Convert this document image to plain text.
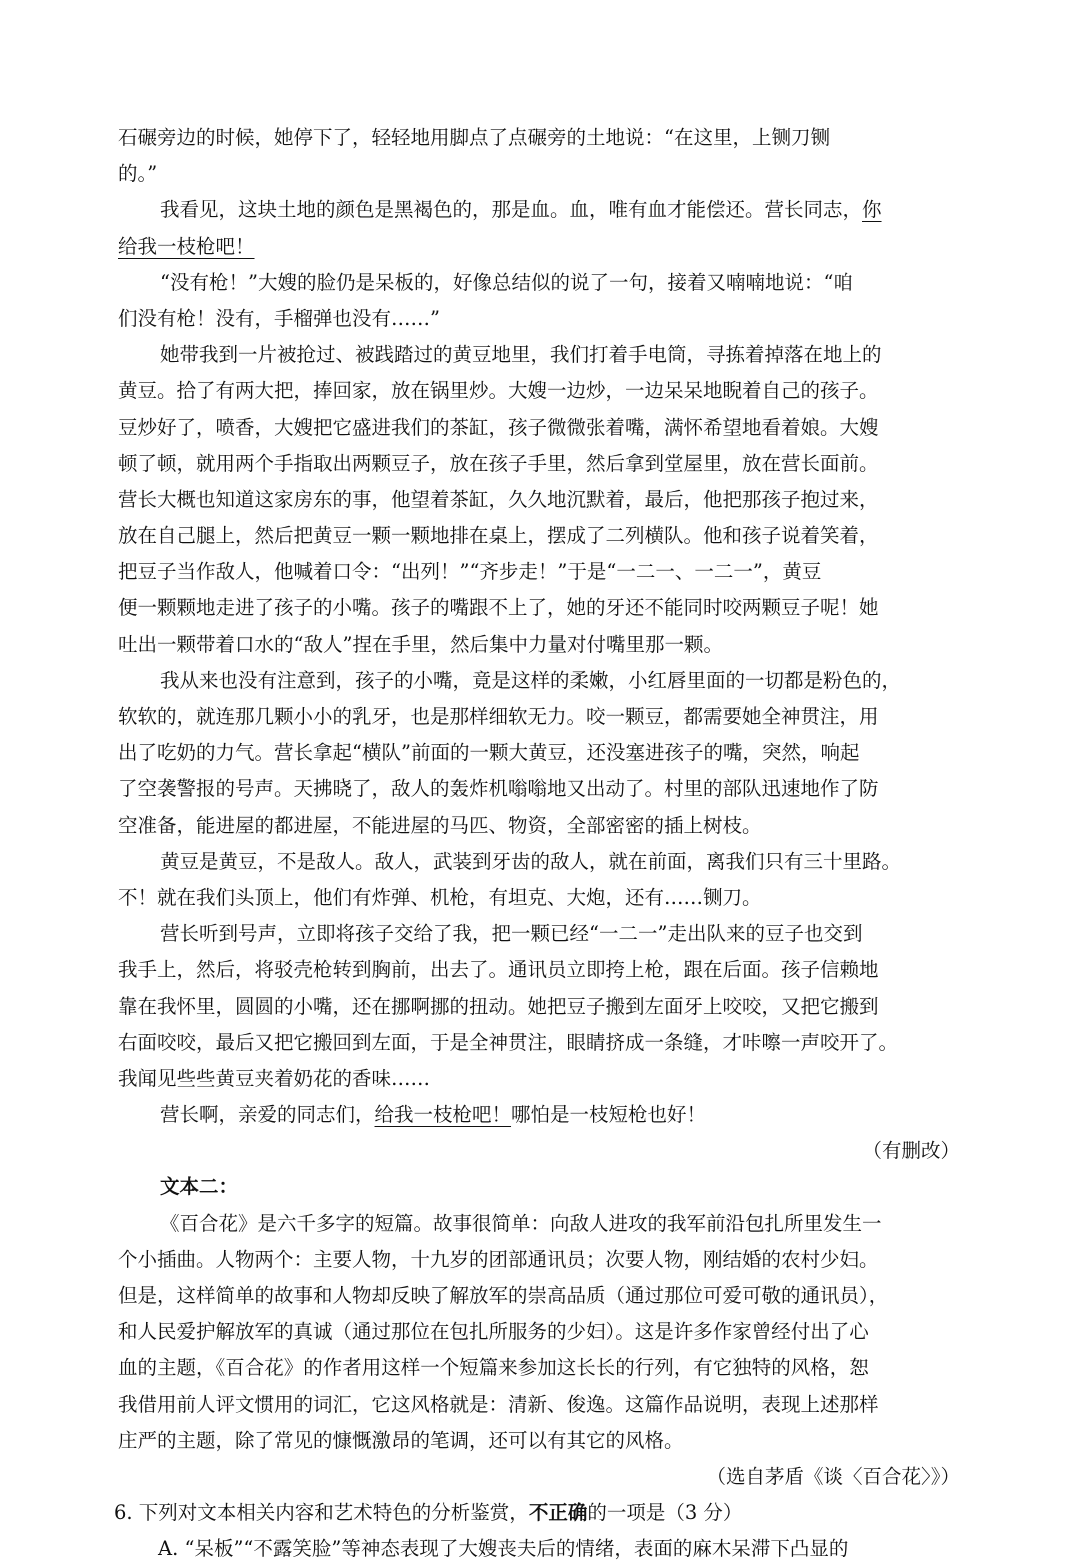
石碾旁边的时候，她停下了，轻轻地用脚点了点碾旁的土地说：“在这里，上铡刀铡
的。”
我看见，这块土地的颜色是黑褐色的，那是血。血，唯有血才能偿还。营长同志，你
给我一枝枪吧！
“没有枪！”大嫂的脸仍是呆板的，好像总结似的说了一句，接着又喃喃地说：“咱
们没有枪！没有，手榴弹也没有……”
她带我到一片被抢过、被践踏过的黄豆地里，我们打着手电筒，寻拣着掉落在地上的
黄豆。拾了有两大把，捧回家，放在锅里炒。大嫂一边炒，一边呆呆地睨着自己的孩子。
豆炒好了，喷香，大嫂把它盛进我们的茶缸，孩子微微张着嘴，满怀希望地看着娘。大嫂
顿了顿，就用两个手指取出两颗豆子，放在孩子手里，然后拿到堂屋里，放在营长面前。
营长大概也知道这家房东的事，他望着茶缸，久久地沉默着，最后，他把那孩子抱过来，
放在自己腿上，然后把黄豆一颗一颗地排在桌上，摆成了二列横队。他和孩子说着笑着，
把豆子当作敌人，他喊着口令：“出列！”“齐步走！”于是“一二一、一二一”，黄豆
便一颗颗地走进了孩子的小嘴。孩子的嘴跟不上了，她的牙还不能同时咬两颗豆子呢！她
吐出一颗带着口水的“敌人”捏在手里，然后集中力量对付嘴里那一颗。
我从来也没有注意到，孩子的小嘴，竟是这样的柔嫩，小红唇里面的一切都是粉色的，
软软的，就连那几颗小小的乳牙，也是那样细软无力。咬一颗豆，都需要她全神贯注，用
出了吃奶的力气。营长拿起“横队”前面的一颗大黄豆，还没塞进孩子的嘴，突然，响起
了空袭警报的号声。天拂晓了，敌人的轰炸机嗡嗡地又出动了。村里的部队迅速地作了防
空准备，能进屋的都进屋，不能进屋的马匹、物资，全部密密的插上树枝。
黄豆是黄豆，不是敌人。敌人，武装到牙齿的敌人，就在前面，离我们只有三十里路。
不！就在我们头顶上，他们有炸弹、机枪，有坦克、大炮，还有……铡刀。
营长听到号声，立即将孩子交给了我，把一颗已经“一二一”走出队来的豆子也交到
我手上，然后，将驳壳枪转到胸前，出去了。通讯员立即挎上枪，跟在后面。孩子信赖地
靠在我怀里，圆圆的小嘴，还在挪啊挪的扭动。她把豆子搬到左面牙上咬咬，又把它搬到
右面咬咬，最后又把它搬回到左面，于是全神贯注，眼睛挤成一条缝，才咔嚓一声咬开了。
我闻见些些黄豆夹着奶花的香味……
营长啊，亲爱的同志们，给我一枝枪吧！哪怕是一枝短枪也好！
（有删改）
文本二：
《百合花》是六千多字的短篇。故事很简单：向敌人进攻的我军前沿包扎所里发生一
个小插曲。人物两个：主要人物，十九岁的团部通讯员；次要人物，刚结婚的农村少妇。
但是，这样简单的故事和人物却反映了解放军的崇高品质（通过那位可爱可敬的通讯员），
和人民爱护解放军的真诚（通过那位在包扎所服务的少妇）。这是许多作家曾经付出了心
血的主题，《百合花》的作者用这样一个短篇来参加这长长的行列，有它独特的风格，恕
我借用前人评文惯用的词汇，它这风格就是：清新、俊逸。这篇作品说明，表现上述那样
庄严的主题，除了常见的慷慨激昂的笔调，还可以有其它的风格。
（选自茅盾《谈〈百合花〉》）
6. 下列对文本相关内容和艺术特色的分析鉴赏，不正确的一项是（3 分）
A. “呆板”“不露笑脸”等神态表现了大嫂丧夫后的情绪，表面的麻木呆滞下凸显的
